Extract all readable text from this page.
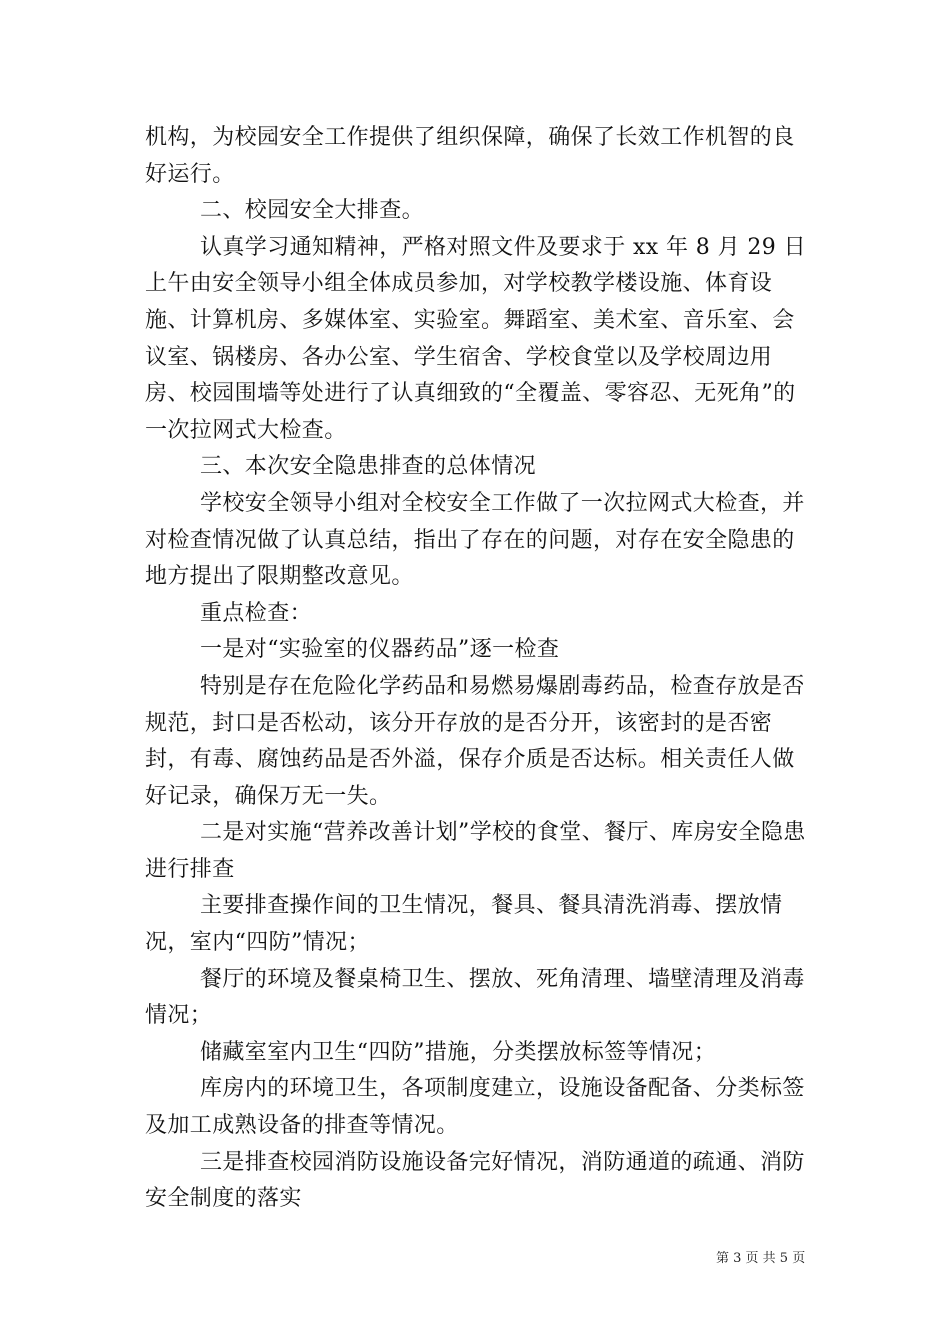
机构，为校园安全工作提供了组织保障，确保了长效工作机智的良好运行。

二、校园安全大排查。

认真学习通知精神，严格对照文件及要求于 xx 年 8 月 29 日上午由安全领导小组全体成员参加，对学校教学楼设施、体育设施、计算机房、多媒体室、实验室。舞蹈室、美术室、音乐室、会议室、锅楼房、各办公室、学生宿舍、学校食堂以及学校周边用房、校园围墙等处进行了认真细致的“全覆盖、零容忍、无死角”的一次拉网式大检查。

三、本次安全隐患排查的总体情况

学校安全领导小组对全校安全工作做了一次拉网式大检查，并对检查情况做了认真总结，指出了存在的问题，对存在安全隐患的地方提出了限期整改意见。

重点检查：

一是对“实验室的仪器药品”逐一检查

特别是存在危险化学药品和易燃易爆剧毒药品，检查存放是否规范，封口是否松动，该分开存放的是否分开，该密封的是否密封，有毒、腐蚀药品是否外溢，保存介质是否达标。相关责任人做好记录，确保万无一失。

二是对实施“营养改善计划”学校的食堂、餐厅、库房安全隐患进行排查

主要排查操作间的卫生情况，餐具、餐具清洗消毒、摆放情况，室内“四防”情况；

餐厅的环境及餐桌椅卫生、摆放、死角清理、墙壁清理及消毒情况；

储藏室室内卫生“四防”措施，分类摆放标签等情况；

库房内的环境卫生，各项制度建立，设施设备配备、分类标签及加工成熟设备的排查等情况。

三是排查校园消防设施设备完好情况，消防通道的疏通、消防安全制度的落实

第 3 页 共 5 页
